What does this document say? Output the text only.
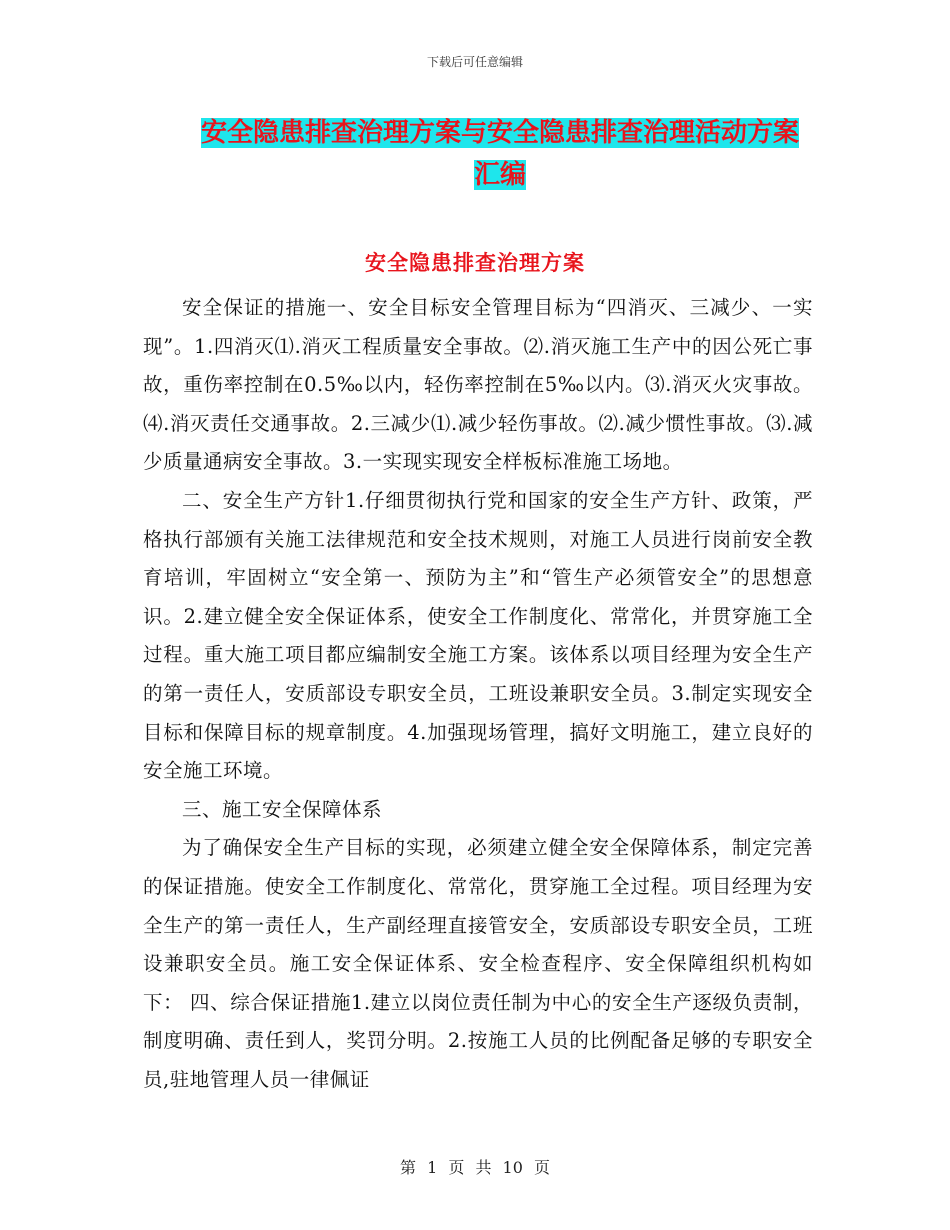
下载后可任意编辑
安全隐患排查治理方案与安全隐患排查治理活动方案
汇编
安全隐患排查治理方案

安全保证的措施一、安全目标安全管理目标为“四消灭、三减少、一实现”。1.四消灭⑴.消灭工程质量安全事故。⑵.消灭施工生产中的因公死亡事故，重伤率控制在0.5‰以内，轻伤率控制在5‰以内。⑶.消灭火灾事故。⑷.消灭责任交通事故。2.三减少⑴.减少轻伤事故。⑵.减少惯性事故。⑶.减少质量通病安全事故。3.一实现实现安全样板标准施工场地。

二、安全生产方针1.仔细贯彻执行党和国家的安全生产方针、政策，严格执行部颁有关施工法律规范和安全技术规则，对施工人员进行岗前安全教育培训，牢固树立“安全第一、预防为主”和“管生产必须管安全”的思想意识。2.建立健全安全保证体系，使安全工作制度化、常常化，并贯穿施工全过程。重大施工项目都应编制安全施工方案。该体系以项目经理为安全生产的第一责任人，安质部设专职安全员，工班设兼职安全员。3.制定实现安全目标和保障目标的规章制度。4.加强现场管理，搞好文明施工，建立良好的安全施工环境。

三、施工安全保障体系

为了确保安全生产目标的实现，必须建立健全安全保障体系，制定完善的保证措施。使安全工作制度化、常常化，贯穿施工全过程。项目经理为安全生产的第一责任人，生产副经理直接管安全，安质部设专职安全员，工班设兼职安全员。施工安全保证体系、安全检查程序、安全保障组织机构如下： 四、综合保证措施1.建立以岗位责任制为中心的安全生产逐级负责制，制度明确、责任到人，奖罚分明。2.按施工人员的比例配备足够的专职安全员,驻地管理人员一律佩证

第 1 页 共 10 页
